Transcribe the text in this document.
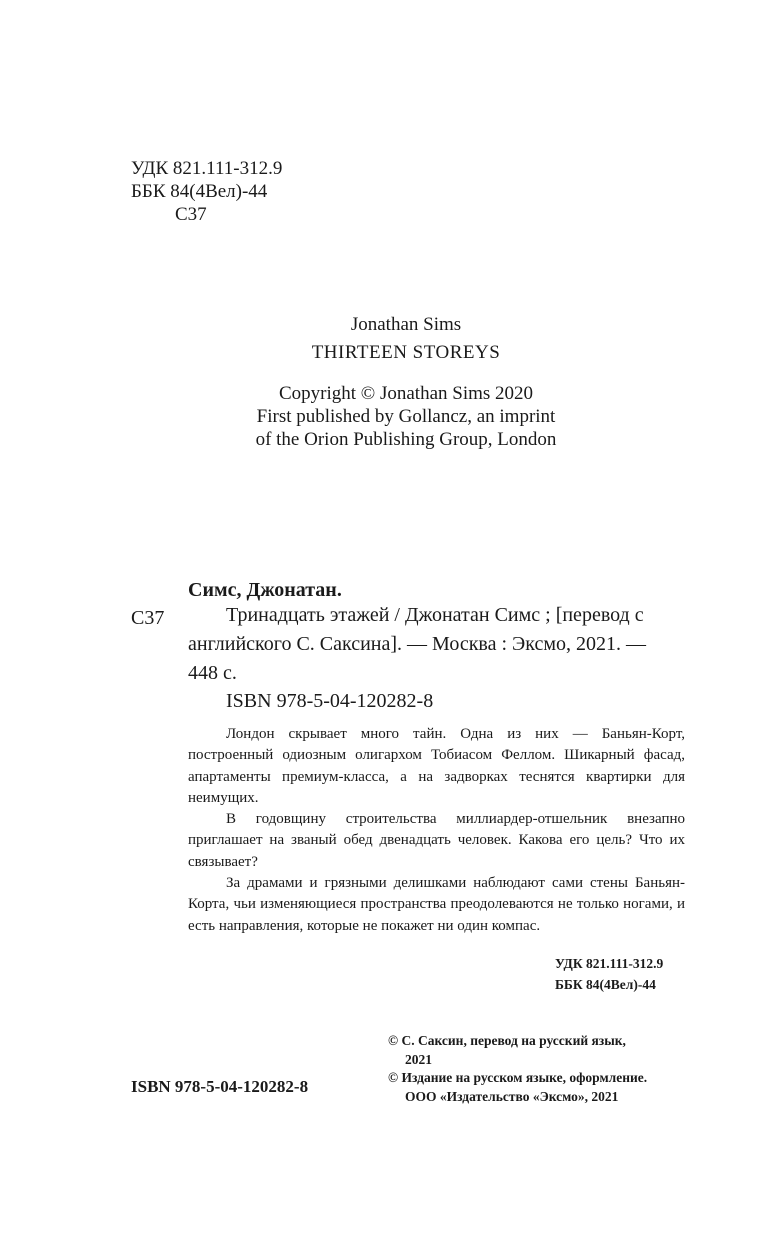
УДК 821.111-312.9
ББК 84(4Вел)-44
С37
Jonathan Sims
THIRTEEN STOREYS
Copyright © Jonathan Sims 2020
First published by Gollancz, an imprint
of the Orion Publishing Group, London
Симс, Джонатан.
С37	Тринадцать этажей / Джонатан Симс ; [перевод с
английского С. Саксина]. — Москва : Эксмо, 2021. —
448 с.
ISBN 978-5-04-120282-8

Лондон скрывает много тайн. Одна из них — Баньян-Корт, построенный одиозным олигархом Тобиасом Феллом. Шикарный фасад, апартаменты премиум-класса, а на задворках теснятся квартирки для неимущих.

В годовщину строительства миллиардер-отшельник внезапно приглашает на званый обед двенадцать человек. Какова его цель? Что их связывает?

За драмами и грязными делишками наблюдают сами стены Баньян-Корта, чьи изменяющиеся пространства преодолеваются не только ногами, и есть направления, которые не покажет ни один компас.

УДК 821.111-312.9
ББК 84(4Вел)-44
ISBN 978-5-04-120282-8
© С. Саксин, перевод на русский язык,
2021
© Издание на русском языке, оформление.
ООО «Издательство «Эксмо», 2021
